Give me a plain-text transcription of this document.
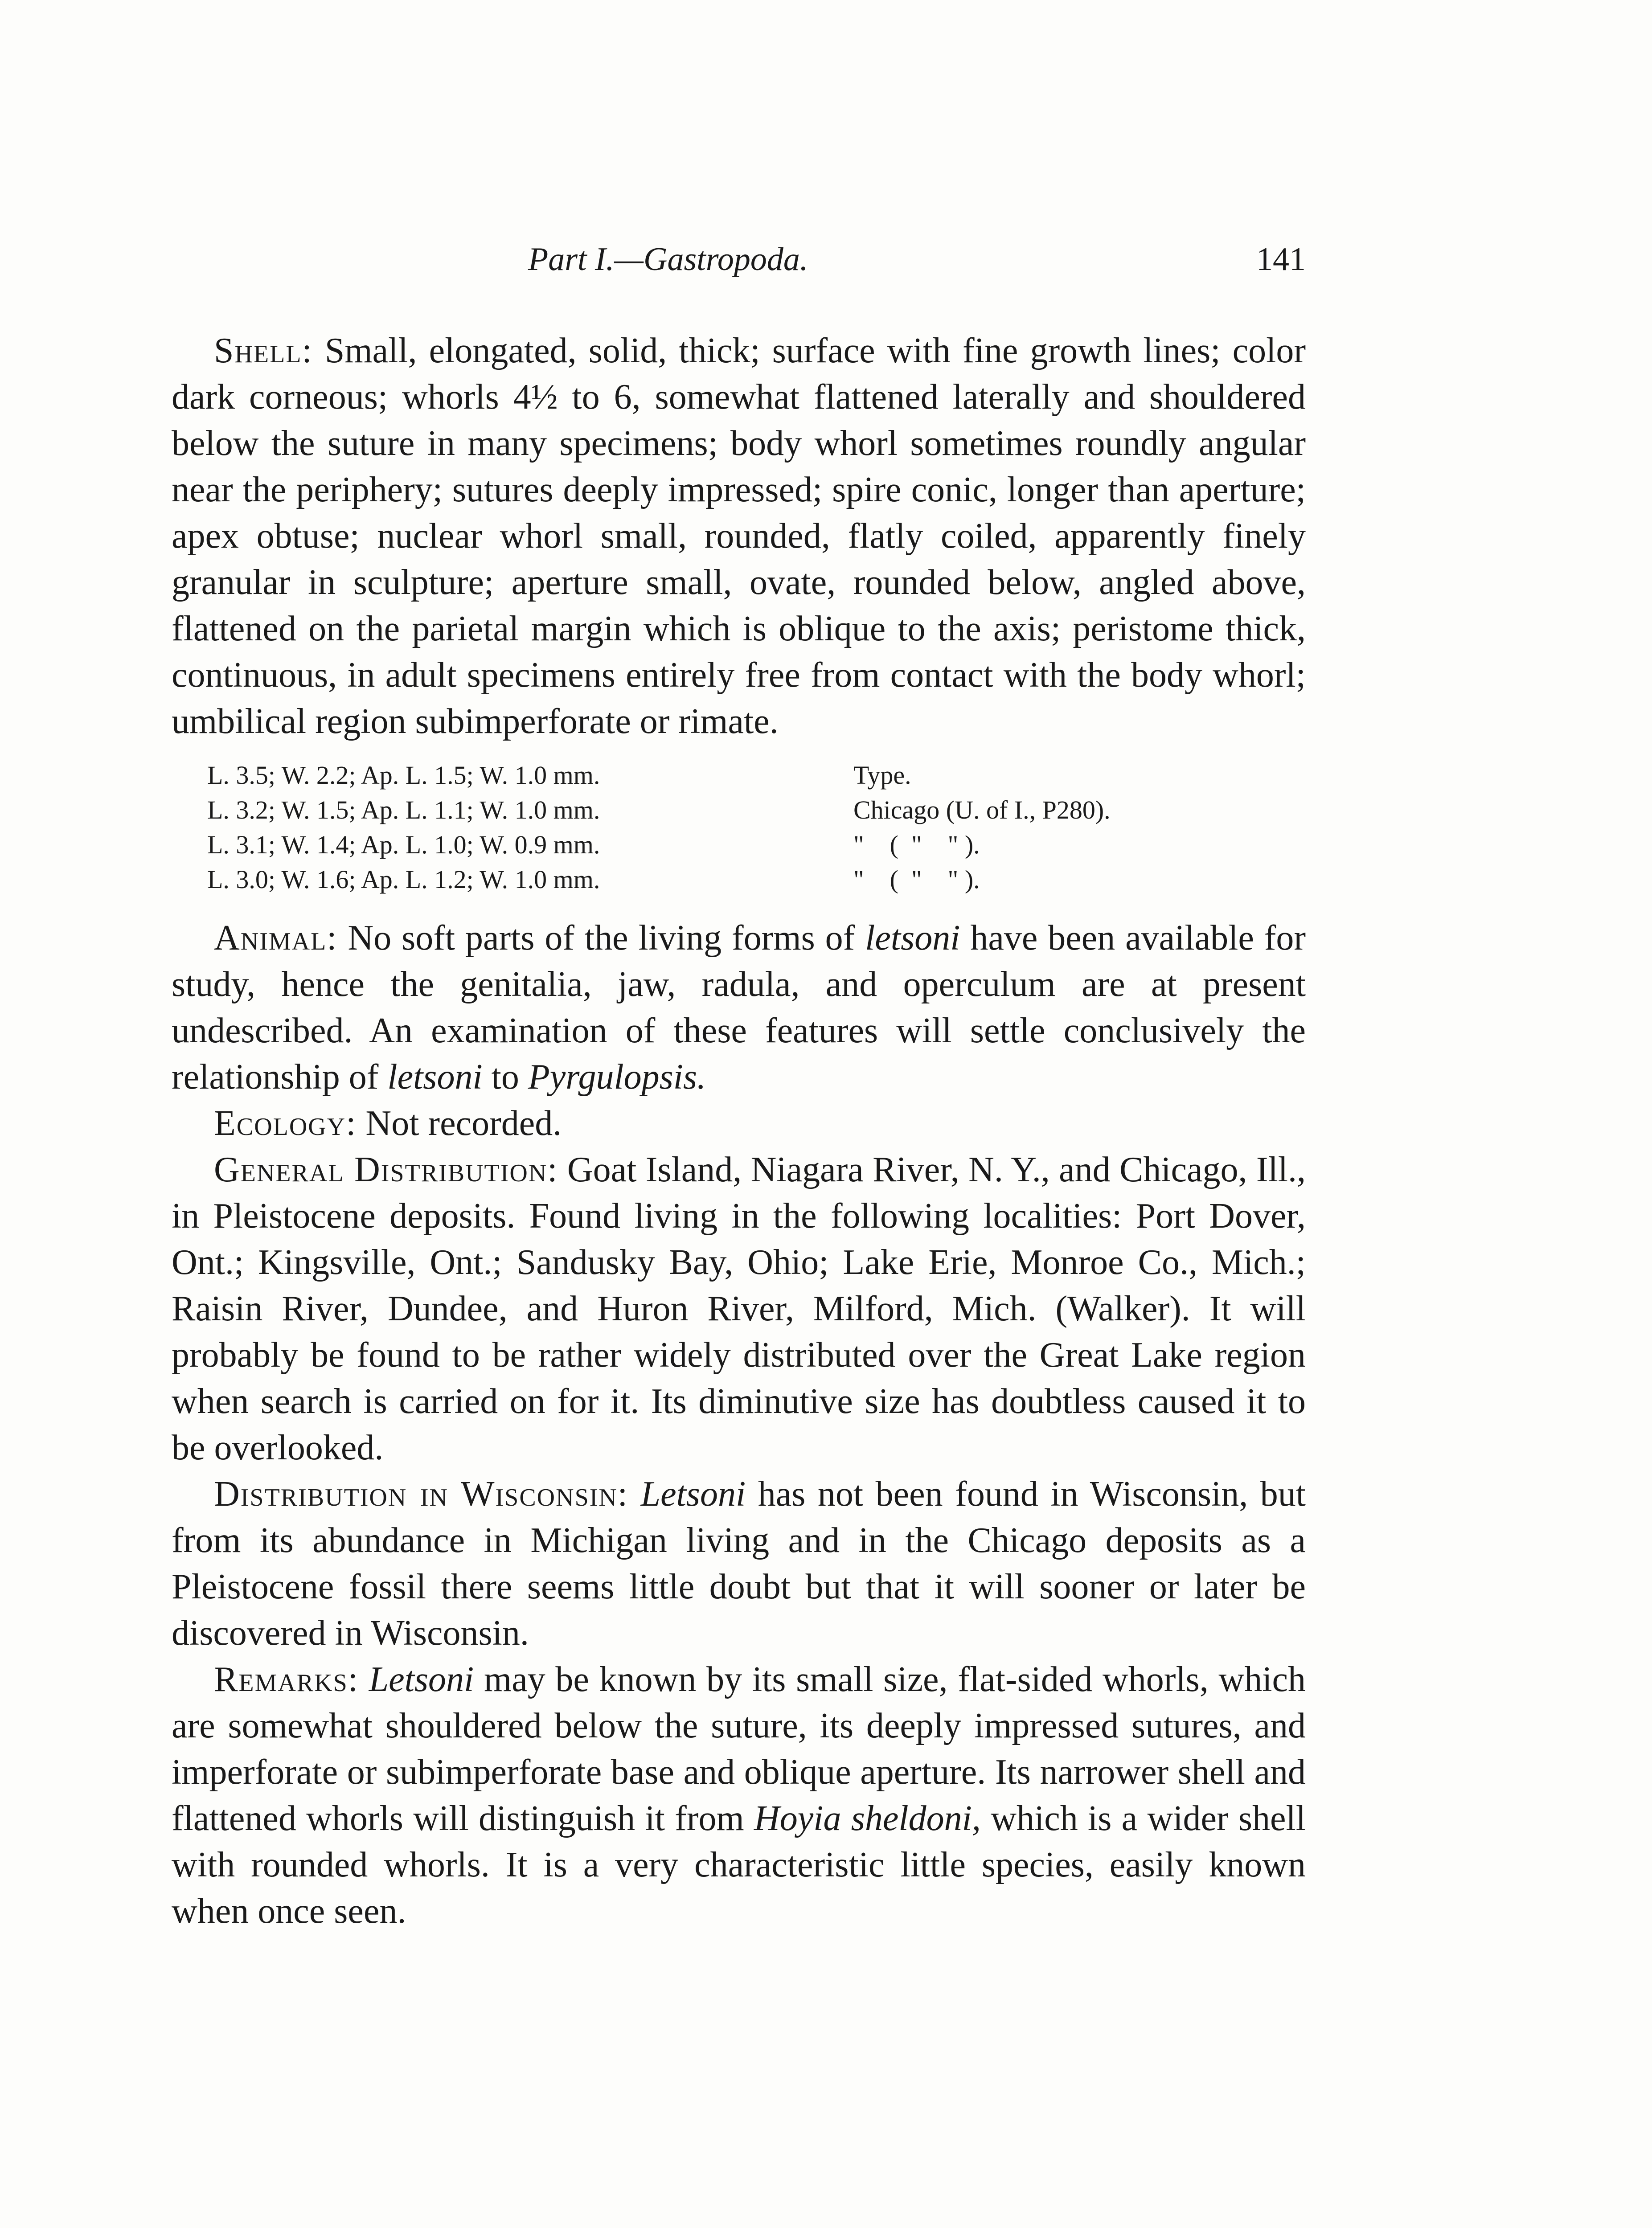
Part I.—Gastropoda.	141

Shell: Small, elongated, solid, thick; surface with fine growth lines; color dark corneous; whorls 4½ to 6, somewhat flattened laterally and shouldered below the suture in many specimens; body whorl sometimes roundly angular near the periphery; sutures deeply impressed; spire conic, longer than aperture; apex obtuse; nuclear whorl small, rounded, flatly coiled, apparently finely granular in sculpture; aperture small, ovate, rounded below, angled above, flattened on the parietal margin which is oblique to the axis; peristome thick, continuous, in adult specimens entirely free from contact with the body whorl; umbilical region subimperforate or rimate.

L. 3.5; W. 2.2; Ap. L. 1.5; W. 1.0 mm.	Type.
L. 3.2; W. 1.5; Ap. L. 1.1; W. 1.0 mm.	Chicago (U. of I., P280).
L. 3.1; W. 1.4; Ap. L. 1.0; W. 0.9 mm.	"    (  "    " ).
L. 3.0; W. 1.6; Ap. L. 1.2; W. 1.0 mm.	"    (  "    " ).

Animal: No soft parts of the living forms of letsoni have been available for study, hence the genitalia, jaw, radula, and operculum are at present undescribed. An examination of these features will settle conclusively the relationship of letsoni to Pyrgulopsis.

Ecology: Not recorded.

General Distribution: Goat Island, Niagara River, N. Y., and Chicago, Ill., in Pleistocene deposits. Found living in the following localities: Port Dover, Ont.; Kingsville, Ont.; Sandusky Bay, Ohio; Lake Erie, Monroe Co., Mich.; Raisin River, Dundee, and Huron River, Milford, Mich. (Walker). It will probably be found to be rather widely distributed over the Great Lake region when search is carried on for it. Its diminutive size has doubtless caused it to be overlooked.

Distribution in Wisconsin: Letsoni has not been found in Wisconsin, but from its abundance in Michigan living and in the Chicago deposits as a Pleistocene fossil there seems little doubt but that it will sooner or later be discovered in Wisconsin.

Remarks: Letsoni may be known by its small size, flat-sided whorls, which are somewhat shouldered below the suture, its deeply impressed sutures, and imperforate or subimperforate base and oblique aperture. Its narrower shell and flattened whorls will distinguish it from Hoyia sheldoni, which is a wider shell with rounded whorls. It is a very characteristic little species, easily known when once seen.
